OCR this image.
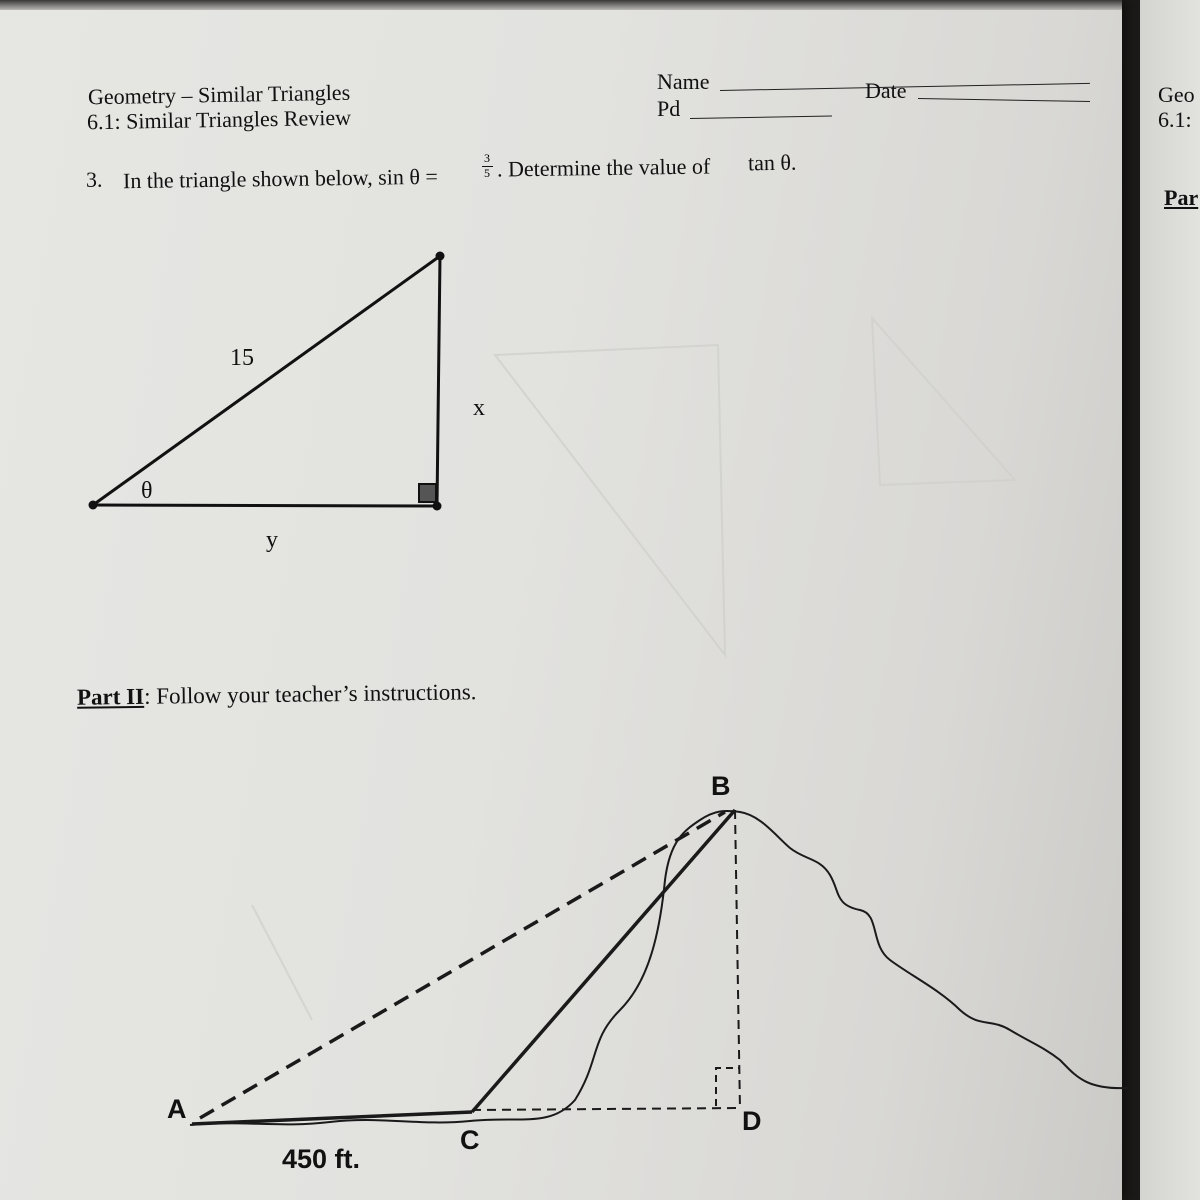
Geometry – Similar Triangles
6.1: Similar Triangles Review
Name
Pd
Date
3. In the triangle shown below, sin θ =
3
5 . Determine the value of tan θ.
15
x
y
θ
Part II: Follow your teacher’s instructions.
B
A
C
D
450 ft.
Geo
6.1:
Par
